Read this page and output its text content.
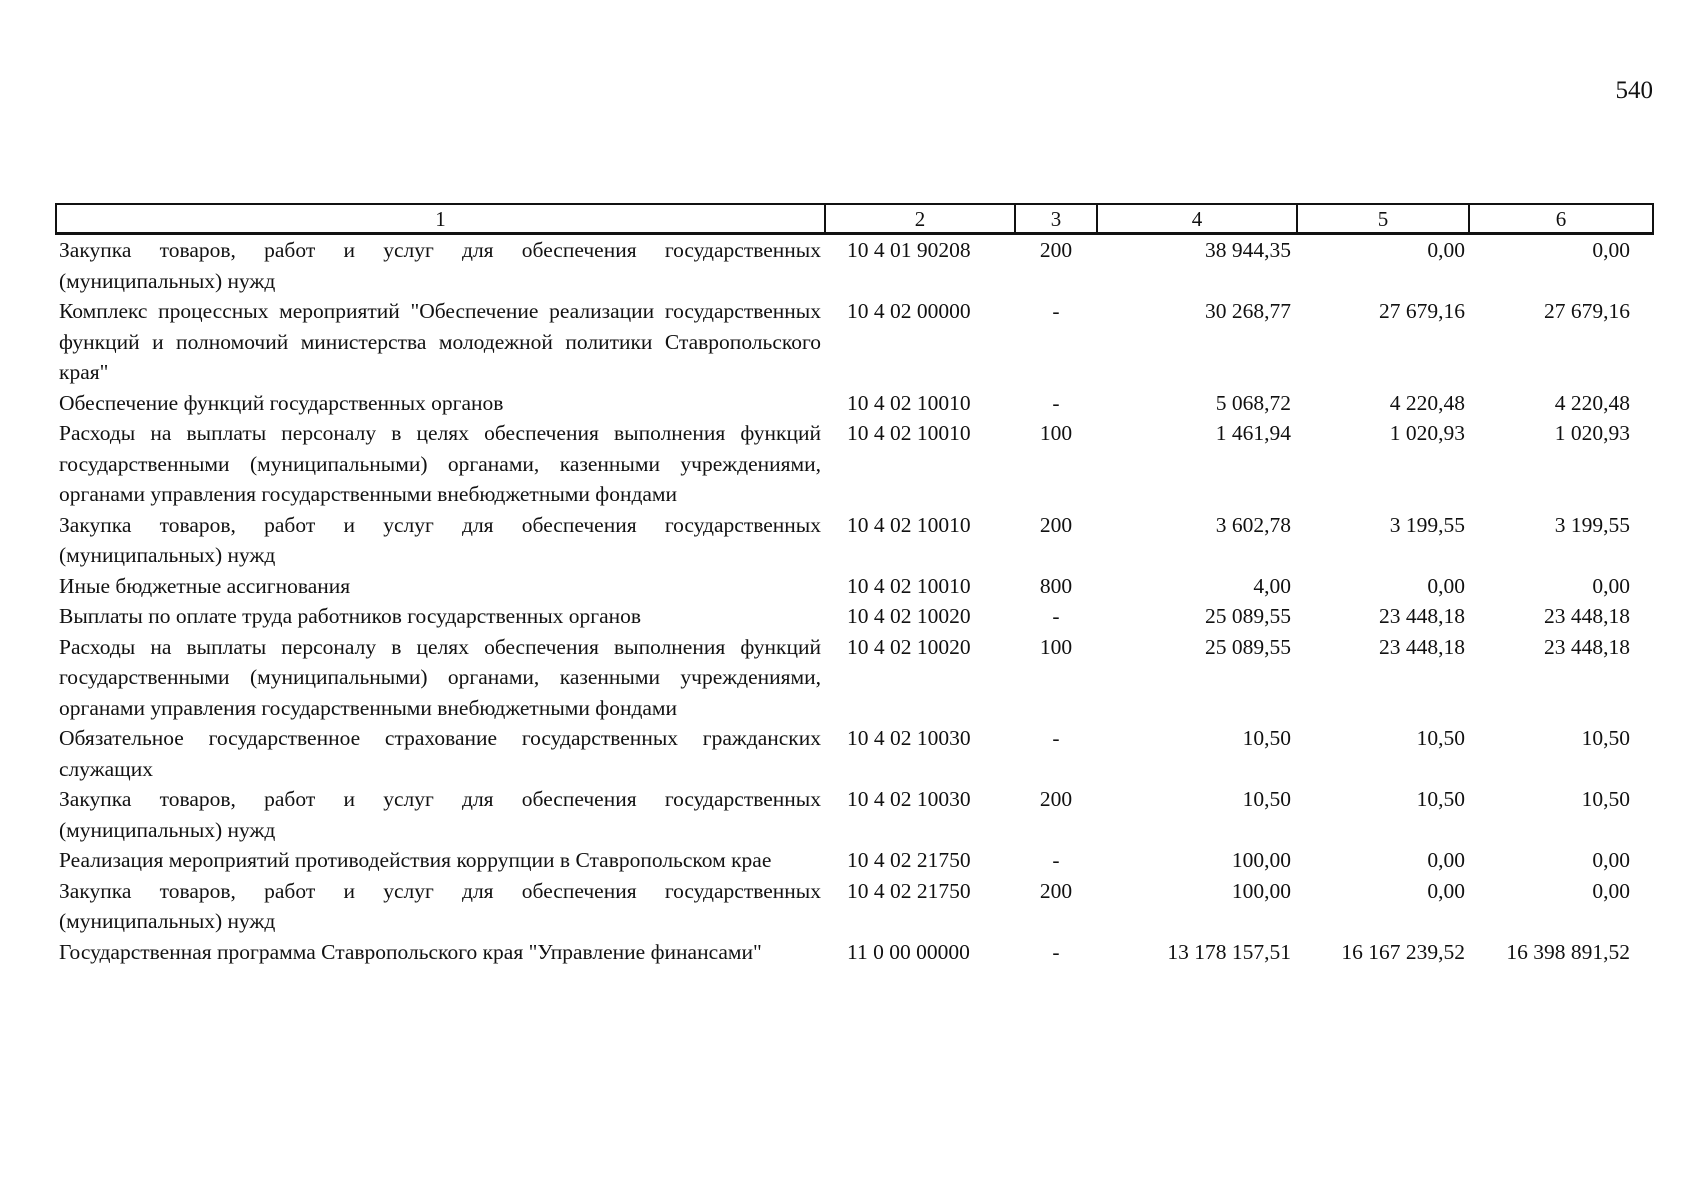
540
1	2	3	4	5	6
Закупка товаров, работ и услуг для обеспечения государственных (муниципальных) нужд	10 4 01 90208	200	38 944,35	0,00	0,00
Комплекс процессных мероприятий "Обеспечение реализации государственных функций и полномочий министерства молодежной политики Ставропольского края"	10 4 02 00000	-	30 268,77	27 679,16	27 679,16
Обеспечение функций государственных органов	10 4 02 10010	-	5 068,72	4 220,48	4 220,48
Расходы на выплаты персоналу в целях обеспечения выполнения функций государственными (муниципальными) органами, казенными учреждениями, органами управления государственными внебюджетными фондами	10 4 02 10010	100	1 461,94	1 020,93	1 020,93
Закупка товаров, работ и услуг для обеспечения государственных (муниципальных) нужд	10 4 02 10010	200	3 602,78	3 199,55	3 199,55
Иные бюджетные ассигнования	10 4 02 10010	800	4,00	0,00	0,00
Выплаты по оплате труда работников государственных органов	10 4 02 10020	-	25 089,55	23 448,18	23 448,18
Расходы на выплаты персоналу в целях обеспечения выполнения функций государственными (муниципальными) органами, казенными учреждениями, органами управления государственными внебюджетными фондами	10 4 02 10020	100	25 089,55	23 448,18	23 448,18
Обязательное государственное страхование государственных гражданских служащих	10 4 02 10030	-	10,50	10,50	10,50
Закупка товаров, работ и услуг для обеспечения государственных (муниципальных) нужд	10 4 02 10030	200	10,50	10,50	10,50
Реализация мероприятий противодействия коррупции в Ставропольском крае	10 4 02 21750	-	100,00	0,00	0,00
Закупка товаров, работ и услуг для обеспечения государственных (муниципальных) нужд	10 4 02 21750	200	100,00	0,00	0,00
Государственная программа Ставропольского края "Управление финансами"	11 0 00 00000	-	13 178 157,51	16 167 239,52	16 398 891,52
